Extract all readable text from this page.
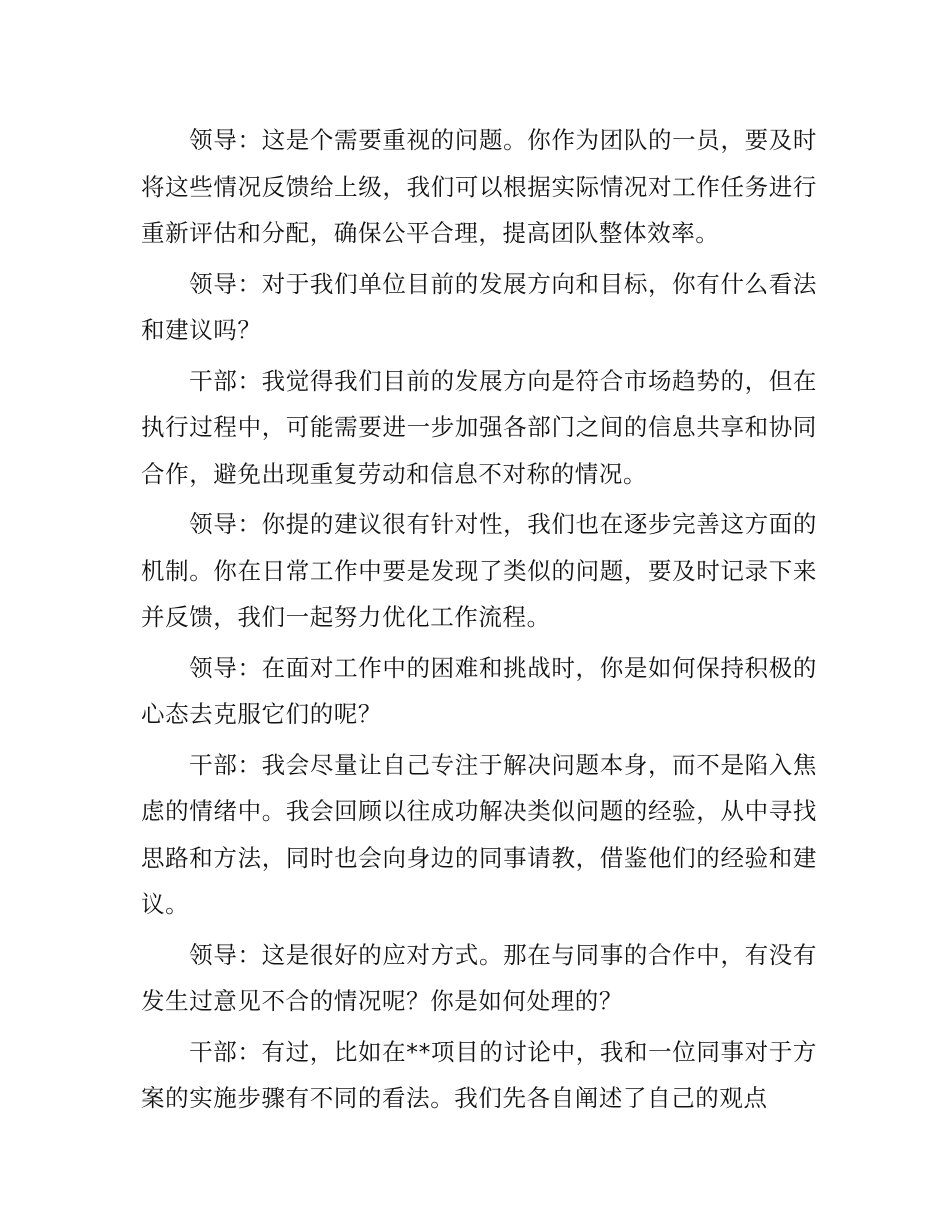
领导：这是个需要重视的问题。你作为团队的一员，要及时将这些情况反馈给上级，我们可以根据实际情况对工作任务进行重新评估和分配，确保公平合理，提高团队整体效率。

领导：对于我们单位目前的发展方向和目标，你有什么看法和建议吗？

干部：我觉得我们目前的发展方向是符合市场趋势的，但在执行过程中，可能需要进一步加强各部门之间的信息共享和协同合作，避免出现重复劳动和信息不对称的情况。

领导：你提的建议很有针对性，我们也在逐步完善这方面的机制。你在日常工作中要是发现了类似的问题，要及时记录下来并反馈，我们一起努力优化工作流程。

领导：在面对工作中的困难和挑战时，你是如何保持积极的心态去克服它们的呢？

干部：我会尽量让自己专注于解决问题本身，而不是陷入焦虑的情绪中。我会回顾以往成功解决类似问题的经验，从中寻找思路和方法，同时也会向身边的同事请教，借鉴他们的经验和建议。

领导：这是很好的应对方式。那在与同事的合作中，有没有发生过意见不合的情况呢？你是如何处理的？

干部：有过，比如在**项目的讨论中，我和一位同事对于方案的实施步骤有不同的看法。我们先各自阐述了自己的观点
